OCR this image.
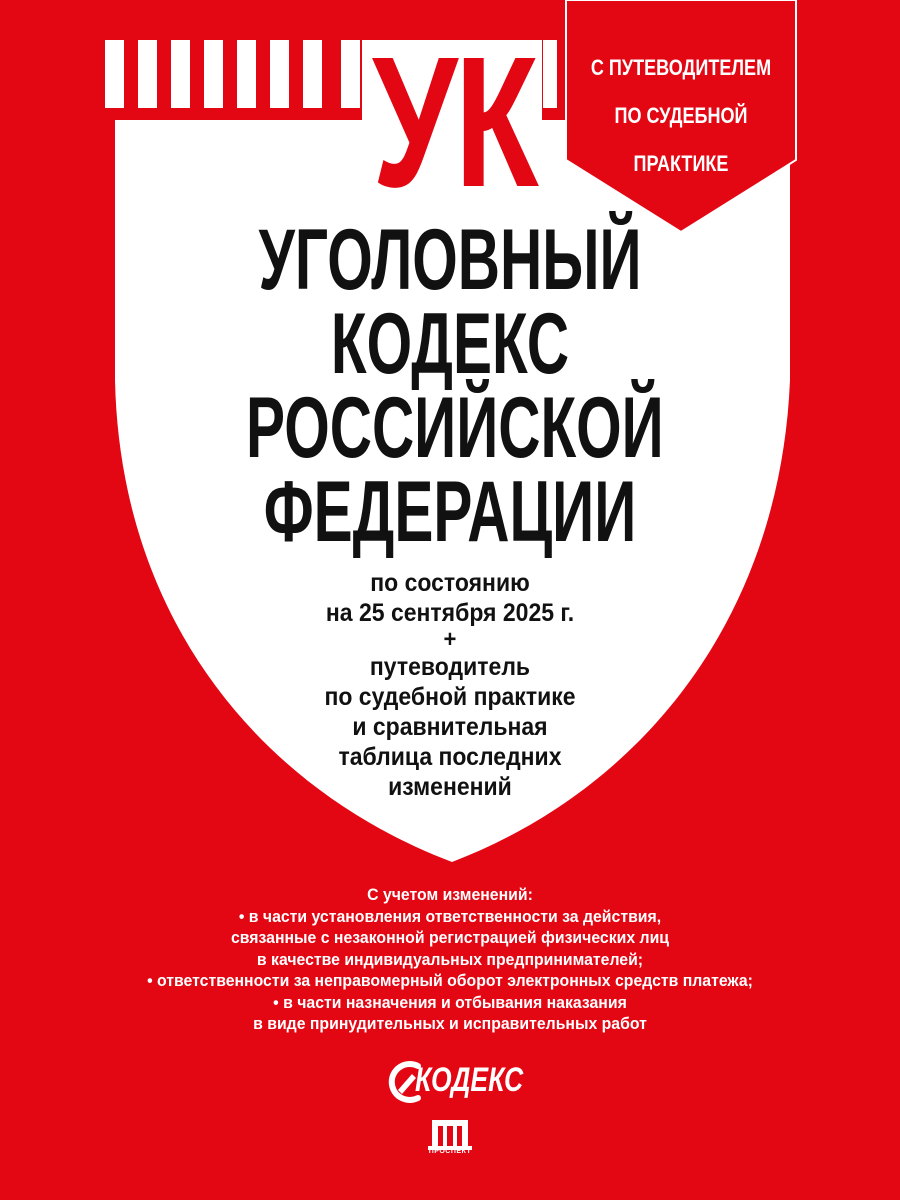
УК	С ПУТЕВОДИТЕЛЕМ
ПО СУДЕБНОЙ
ПРАКТИКЕ
УГОЛОВНЫЙ
КОДЕКС
РОССИЙСКОЙ
ФЕДЕРАЦИИ
по состоянию
на 25 сентября 2025 г.
+
путеводитель
по судебной практике
и сравнительная
таблица последних
изменений
С учетом изменений:
• в части установления ответственности за действия,
связанные с незаконной регистрацией физических лиц
в качестве индивидуальных предпринимателей;
• ответственности за неправомерный оборот электронных средств платежа;
• в части назначения и отбывания наказания
в виде принудительных и исправительных работ
КОДЕКС
ПРОСПЕКТ
